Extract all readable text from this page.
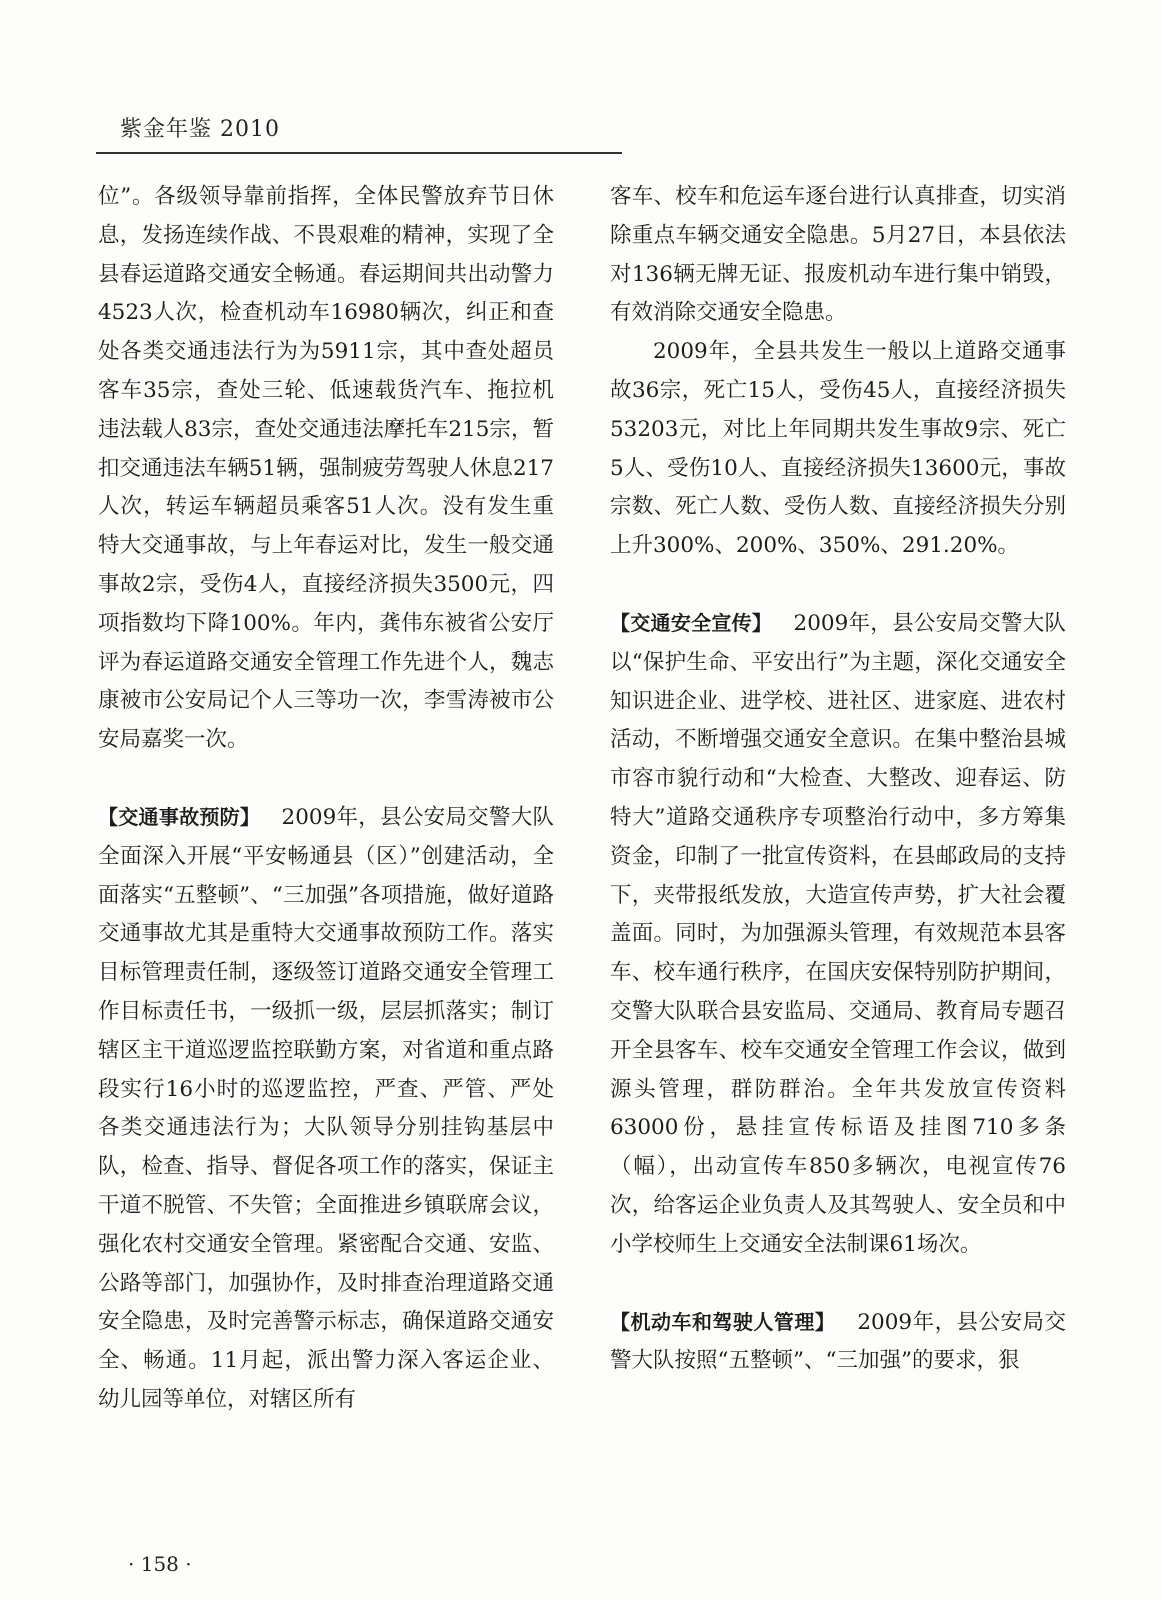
紫金年鉴 2010

位”。各级领导靠前指挥，全体民警放弃节日休息，发扬连续作战、不畏艰难的精神，实现了全县春运道路交通安全畅通。春运期间共出动警力4523人次，检查机动车16980辆次，纠正和查处各类交通违法行为为5911宗，其中查处超员客车35宗，查处三轮、低速载货汽车、拖拉机违法载人83宗，查处交通违法摩托车215宗，暂扣交通违法车辆51辆，强制疲劳驾驶人休息217人次，转运车辆超员乘客51人次。没有发生重特大交通事故，与上年春运对比，发生一般交通事故2宗，受伤4人，直接经济损失3500元，四项指数均下降100%。年内，龚伟东被省公安厅评为春运道路交通安全管理工作先进个人，魏志康被市公安局记个人三等功一次，李雪涛被市公安局嘉奖一次。

【交通事故预防】 2009年，县公安局交警大队全面深入开展“平安畅通县（区）”创建活动，全面落实“五整顿”、“三加强”各项措施，做好道路交通事故尤其是重特大交通事故预防工作。落实目标管理责任制，逐级签订道路交通安全管理工作目标责任书，一级抓一级，层层抓落实；制订辖区主干道巡逻监控联勤方案，对省道和重点路段实行16小时的巡逻监控，严查、严管、严处各类交通违法行为；大队领导分别挂钩基层中队，检查、指导、督促各项工作的落实，保证主干道不脱管、不失管；全面推进乡镇联席会议，强化农村交通安全管理。紧密配合交通、安监、公路等部门，加强协作，及时排查治理道路交通安全隐患，及时完善警示标志，确保道路交通安全、畅通。11月起，派出警力深入客运企业、幼儿园等单位，对辖区所有

客车、校车和危运车逐台进行认真排查，切实消除重点车辆交通安全隐患。5月27日，本县依法对136辆无牌无证、报废机动车进行集中销毁，有效消除交通安全隐患。

2009年，全县共发生一般以上道路交通事故36宗，死亡15人，受伤45人，直接经济损失53203元，对比上年同期共发生事故9宗、死亡5人、受伤10人、直接经济损失13600元，事故宗数、死亡人数、受伤人数、直接经济损失分别上升300%、200%、350%、291.20%。

【交通安全宣传】 2009年，县公安局交警大队以“保护生命、平安出行”为主题，深化交通安全知识进企业、进学校、进社区、进家庭、进农村活动，不断增强交通安全意识。在集中整治县城市容市貌行动和“大检查、大整改、迎春运、防特大”道路交通秩序专项整治行动中，多方筹集资金，印制了一批宣传资料，在县邮政局的支持下，夹带报纸发放，大造宣传声势，扩大社会覆盖面。同时，为加强源头管理，有效规范本县客车、校车通行秩序，在国庆安保特别防护期间，交警大队联合县安监局、交通局、教育局专题召开全县客车、校车交通安全管理工作会议，做到源头管理，群防群治。全年共发放宣传资料63000份，悬挂宣传标语及挂图710多条（幅），出动宣传车850多辆次，电视宣传76次，给客运企业负责人及其驾驶人、安全员和中小学校师生上交通安全法制课61场次。

【机动车和驾驶人管理】 2009年，县公安局交警大队按照“五整顿”、“三加强”的要求，狠

· 158 ·
